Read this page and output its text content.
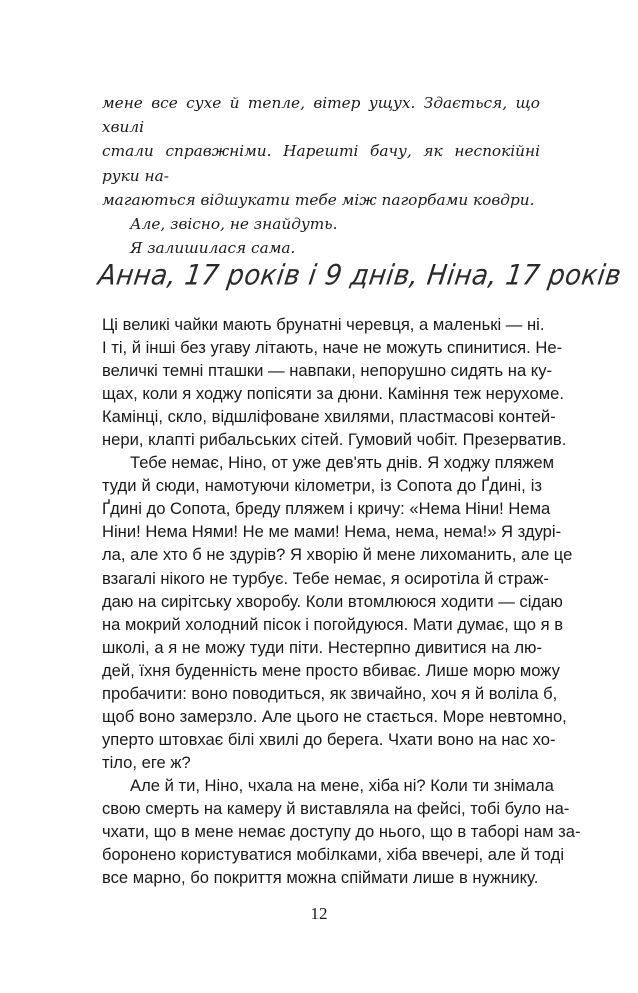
мене все сухе й тепле, вітер ущух. Здається, що хвилі

стали справжніми. Нарешті бачу, як неспокійні руки на-

магаються відшукати тебе між пагорбами ковдри.

Але, звісно, не знайдуть.

Я залишилася сама.

Анна, 17 років і 9 днів, Ніна, 17 років
Ці великі чайки мають брунатні черевця, а маленькі — ні.
І ті, й інші без угаву літають, наче не можуть спинитися. Не-
величкі темні пташки — навпаки, непорушно сидять на ку-
щах, коли я ходжу попісяти за дюни. Каміння теж нерухоме.
Камінці, скло, відшліфоване хвилями, пластмасові контей-
нери, клапті рибальських сітей. Гумовий чобіт. Презерватив.
Тебе немає, Ніно, от уже дев'ять днів. Я ходжу пляжем
туди й сюди, намотуючи кілометри, із Сопота до Ґдині, із
Ґдині до Сопота, бреду пляжем і кричу: «Нема Ніни! Нема
Ніни! Нема Нями! Не ме мами! Нема, нема, нема!» Я здурі-
ла, але хто б не здурів? Я хворію й мене лихоманить, але це
взагалі нікого не турбує. Тебе немає, я осиротіла й страж-
даю на сирітську хворобу. Коли втомлююся ходити — сідаю
на мокрий холодний пісок і погойдуюся. Мати думає, що я в
школі, а я не можу туди піти. Нестерпно дивитися на лю-
дей, їхня буденність мене просто вбиває. Лише морю можу
пробачити: воно поводиться, як звичайно, хоч я й воліла б,
щоб воно замерзло. Але цього не стається. Море невтомно,
уперто штовхає білі хвилі до берега. Чхати воно на нас хо-
тіло, еге ж?
Але й ти, Ніно, чхала на мене, хіба ні? Коли ти знімала
свою смерть на камеру й виставляла на фейсі, тобі було на-
чхати, що в мене немає доступу до нього, що в таборі нам за-
боронено користуватися мобілками, хіба ввечері, але й тоді
все марно, бо покриття можна спіймати лише в нужнику.
12
